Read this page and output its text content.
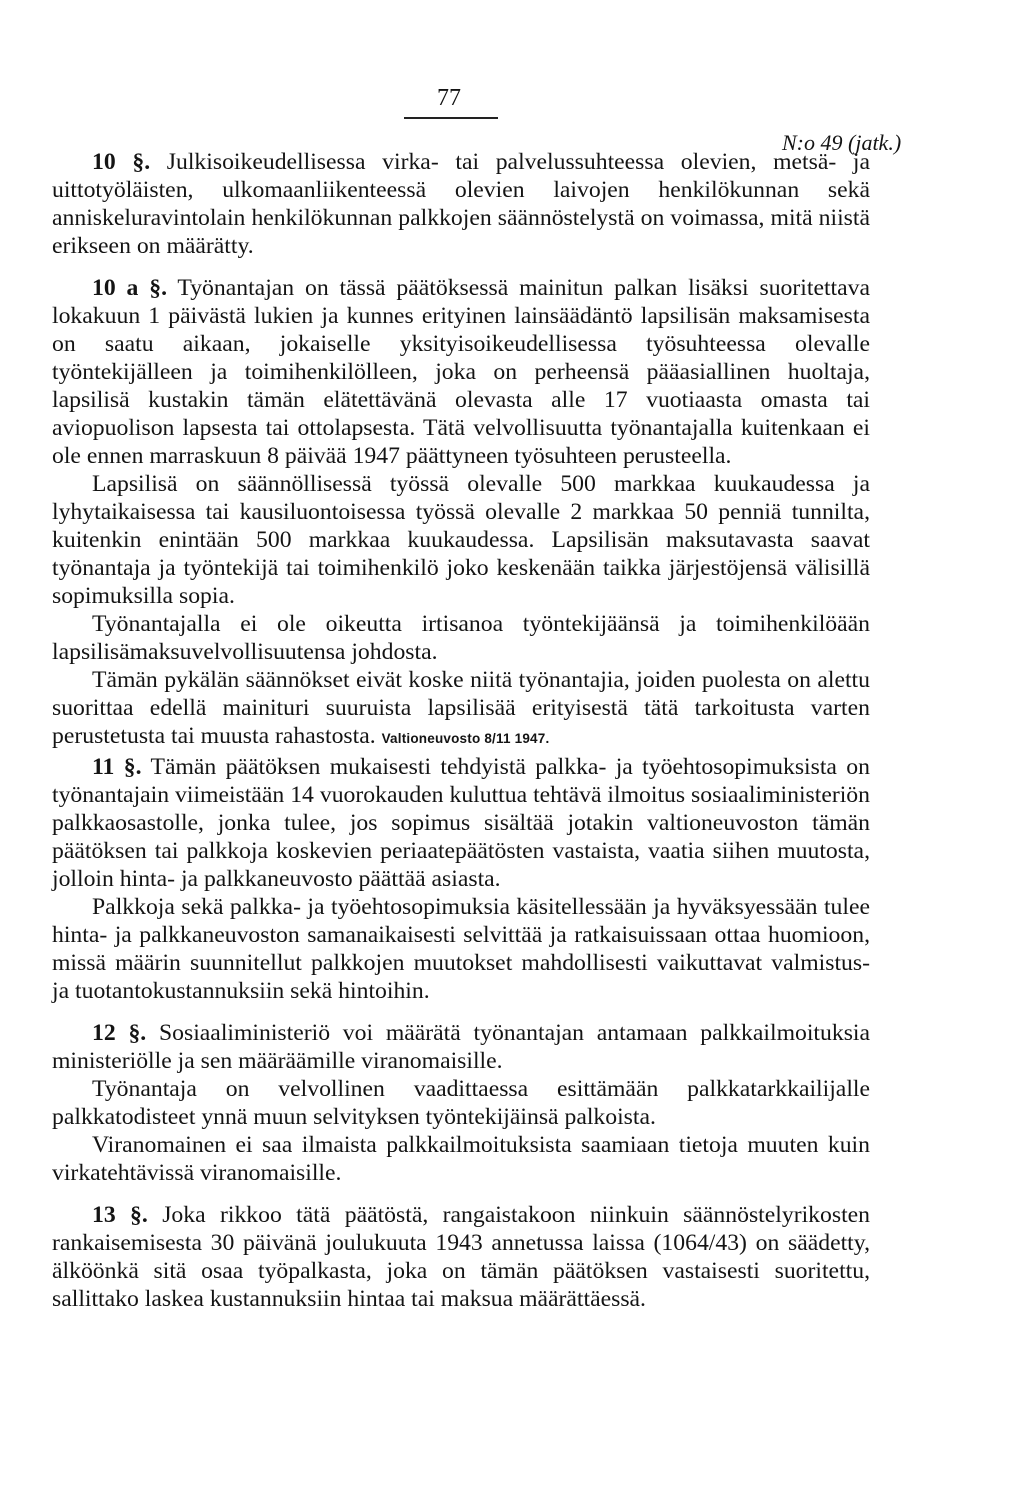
77
N:o 49 (jatk.)

10 §. Julkisoikeudellisessa virka- tai palvelussuhteessa olevien, metsä- ja uittotyöläisten, ulkomaanliikenteessä olevien laivojen henkilökunnan sekä anniskeluravintolain henkilökunnan palkkojen säännöstelystä on voimassa, mitä niistä erikseen on määrätty.

10 a §. Työnantajan on tässä päätöksessä mainitun palkan lisäksi suoritettava lokakuun 1 päivästä lukien ja kunnes erityinen lainsäädäntö lapsilisän maksamisesta on saatu aikaan, jokaiselle yksityisoikeudellisessa työsuhteessa olevalle työntekijälleen ja toimihenkilölleen, joka on perheensä pääasiallinen huoltaja, lapsilisä kustakin tämän elätettävänä olevasta alle 17 vuotiaasta omasta tai aviopuolison lapsesta tai ottolapsesta. Tätä velvollisuutta työnantajalla kuitenkaan ei ole ennen marraskuun 8 päivää 1947 päättyneen työsuhteen perusteella.

Lapsilisä on säännöllisessä työssä olevalle 500 markkaa kuukaudessa ja lyhytaikaisessa tai kausiluontoisessa työssä olevalle 2 markkaa 50 penniä tunnilta, kuitenkin enintään 500 markkaa kuukaudessa. Lapsilisän maksutavasta saavat työnantaja ja työntekijä tai toimihenkilö joko keskenään taikka järjestöjensä välisillä sopimuksilla sopia.

Työnantajalla ei ole oikeutta irtisanoa työntekijäänsä ja toimihenkilöään lapsilisämaksuvelvollisuutensa johdosta.

Tämän pykälän säännökset eivät koske niitä työnantajia, joiden puolesta on alettu suorittaa edellä mainituri suuruista lapsilisää erityisestä tätä tarkoitusta varten perustetusta tai muusta rahastosta. Valtioneuvosto 8/11 1947.

11 §. Tämän päätöksen mukaisesti tehdyistä palkka- ja työehtosopimuksista on työnantajain viimeistään 14 vuorokauden kuluttua tehtävä ilmoitus sosiaaliministeriön palkkaosastolle, jonka tulee, jos sopimus sisältää jotakin valtioneuvoston tämän päätöksen tai palkkoja koskevien periaatepäätösten vastaista, vaatia siihen muutosta, jolloin hinta- ja palkkaneuvosto päättää asiasta.

Palkkoja sekä palkka- ja työehtosopimuksia käsitellessään ja hyväksyessään tulee hinta- ja palkkaneuvoston samanaikaisesti selvittää ja ratkaisuissaan ottaa huomioon, missä määrin suunnitellut palkkojen muutokset mahdollisesti vaikuttavat valmistus- ja tuotantokustannuksiin sekä hintoihin.

12 §. Sosiaaliministeriö voi määrätä työnantajan antamaan palkkailmoituksia ministeriölle ja sen määräämille viranomaisille.

Työnantaja on velvollinen vaadittaessa esittämään palkkatarkkailijalle palkkatodisteet ynnä muun selvityksen työntekijäinsä palkoista.

Viranomainen ei saa ilmaista palkkailmoituksista saamiaan tietoja muuten kuin virkatehtävissä viranomaisille.

13 §. Joka rikkoo tätä päätöstä, rangaistakoon niinkuin säännöstelyrikosten rankaisemisesta 30 päivänä joulukuuta 1943 annetussa laissa (1064/43) on säädetty, älköönkä sitä osaa työpalkasta, joka on tämän päätöksen vastaisesti suoritettu, sallittako laskea kustannuksiin hintaa tai maksua määrättäessä.
